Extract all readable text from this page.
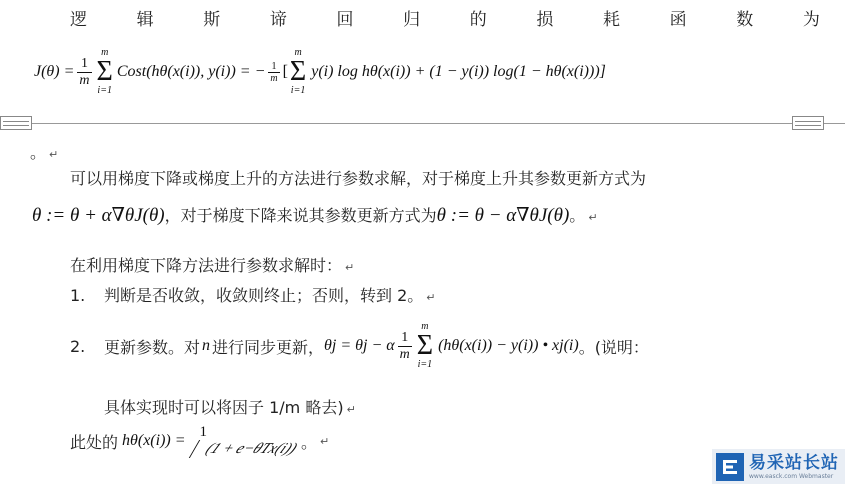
逻	辑	斯	谛	回	归	的	损	耗	函	数	为
$J(\theta) = \frac{1}{m}$
m
Σ
i=1
Cost(hθ(x(i)), y(i)) = − $\frac{1}{m}$ [
m
Σ
i=1
y(i) log hθ(x(i)) + (1 − y(i)) log(1 − hθ(x(i)))]
。 ↵
可以用梯度下降或梯度上升的方法进行参数求解，对于梯度上升其参数更新方式为
θ := θ + α∇θJ(θ) ，对于梯度下降来说其参数更新方式为 θ := θ − α∇θJ(θ) 。 ↵
在利用梯度下降方法进行参数求解时： ↵
1. 判断是否收敛，收敛则终止；否则，转到 2。 ↵
2.	更新参数。对 n 进行同步更新， θj = θj − α $\frac{1}{m}$
m
Σ
i=1
(hθ(x(i)) − y(i)) • xj(i) 。(说明：
具体实现时可以将因子 1/m 略去) ↵
此处的 hθ(x(i)) = 1
(1 + e−θTx(i)) 。 ↵
易采站长站
www.easck.com Webmaster
